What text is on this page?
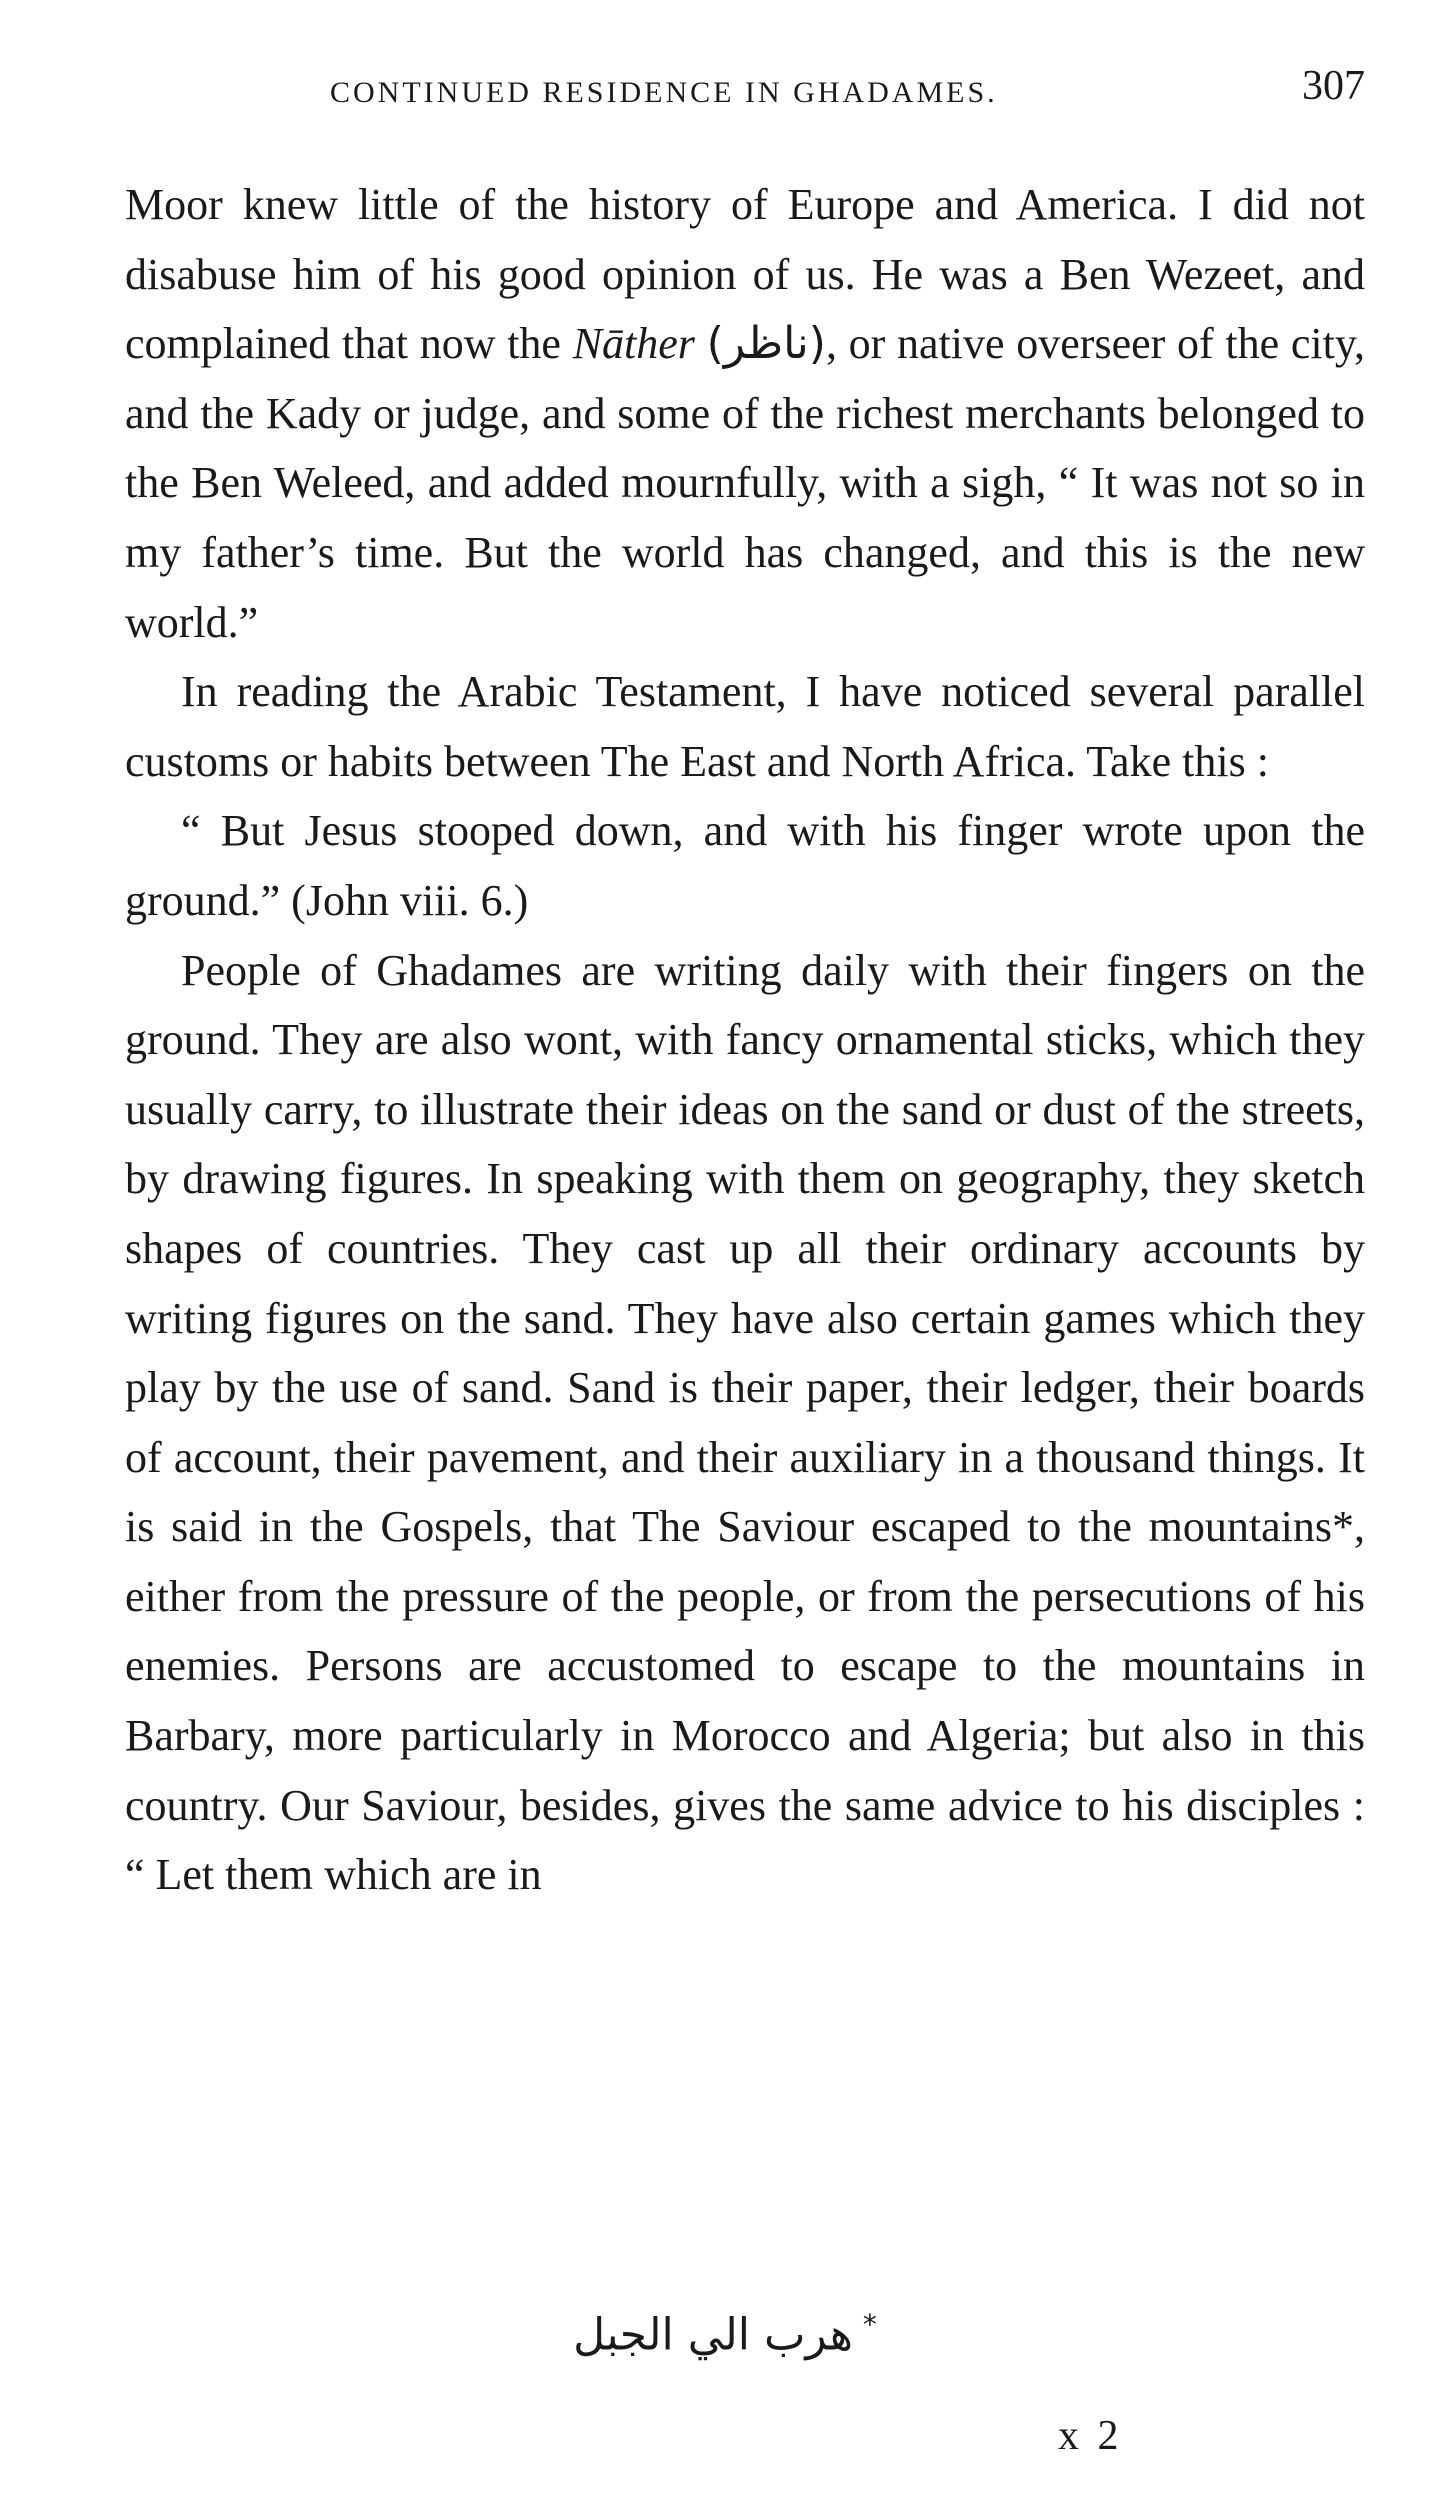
CONTINUED RESIDENCE IN GHADAMES.	307

Moor knew little of the history of Europe and America. I did not disabuse him of his good opinion of us. He was a Ben Wezeet, and complained that now the Nāther (ناظر), or native overseer of the city, and the Kady or judge, and some of the richest merchants belonged to the Ben Weleed, and added mournfully, with a sigh, “ It was not so in my father’s time. But the world has changed, and this is the new world.”

In reading the Arabic Testament, I have noticed several parallel customs or habits between The East and North Africa. Take this :

“ But Jesus stooped down, and with his finger wrote upon the ground.” (John viii. 6.)

People of Ghadames are writing daily with their fingers on the ground. They are also wont, with fancy ornamental sticks, which they usually carry, to illustrate their ideas on the sand or dust of the streets, by drawing figures. In speaking with them on geography, they sketch shapes of countries. They cast up all their ordinary accounts by writing figures on the sand. They have also certain games which they play by the use of sand. Sand is their paper, their ledger, their boards of account, their pavement, and their auxiliary in a thousand things. It is said in the Gospels, that The Saviour escaped to the mountains*, either from the pressure of the people, or from the persecutions of his enemies. Persons are accustomed to escape to the mountains in Barbary, more particularly in Morocco and Algeria; but also in this country. Our Saviour, besides, gives the same advice to his disciples : “ Let them which are in

هرب الي الجبل *
x 2
